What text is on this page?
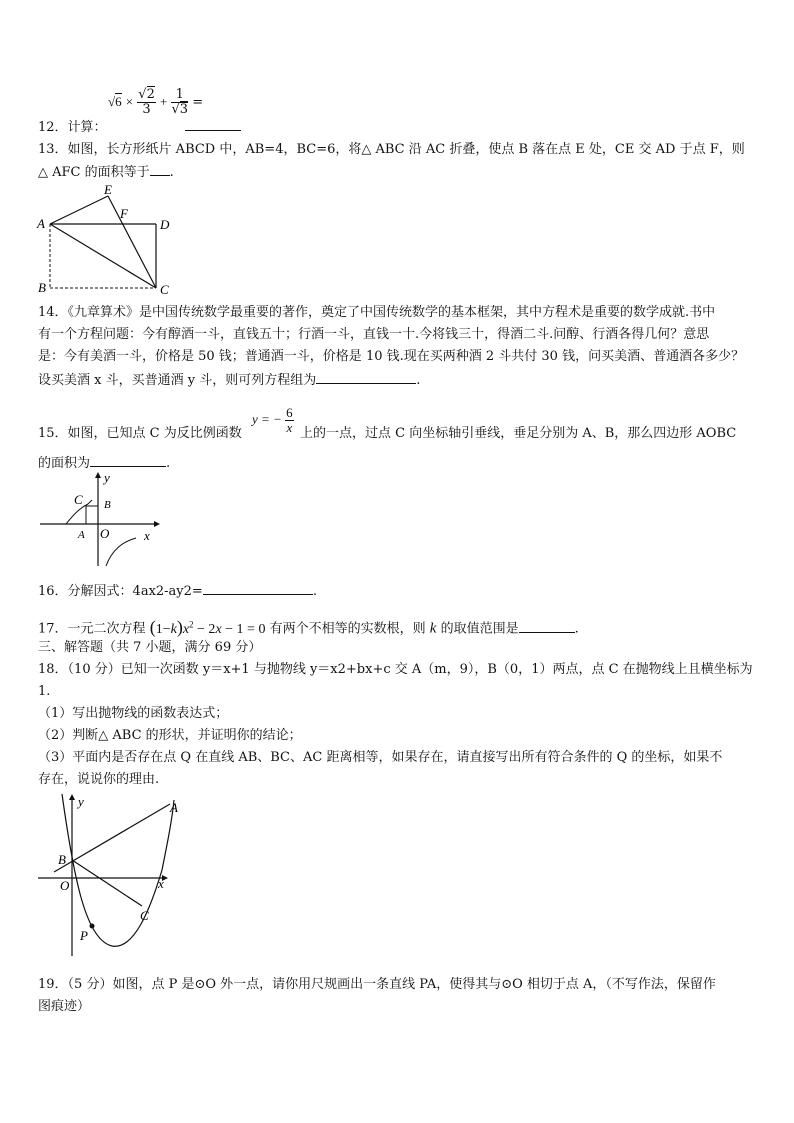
$√6 \times \frac{√2}{3} + \frac{1}{√3}$ =
12．计算：
13．如图，长方形纸片 ABCD 中，AB=4，BC=6，将△ ABC 沿 AC 折叠，使点 B 落在点 E 处，CE 交 AD 于点 F，则
△ AFC 的面积等于 .
A
B	C
D
E
F
14．《九章算术》是中国传统数学最重要的著作，奠定了中国传统数学的基本框架，其中方程术是重要的数学成就.书中
有一个方程问题：今有醇酒一斗，直钱五十；行酒一斗，直钱一十.今将钱三十，得酒二斗.问醇、行酒各得几何？意思
是：今有美酒一斗，价格是 50 钱；普通酒一斗，价格是 10 钱.现在买两种酒 2 斗共付 30 钱，问买美酒、普通酒各多少？
设买美酒 x 斗，买普通酒 y 斗，则可列方程组为	.
y = − $\frac{6}{x}$
15．如图，已知点 C 为反比例函数	上的一点，过点 C 向坐标轴引垂线，垂足分别为 A、B，那么四边形 AOBC
的面积为	.
C B
A O	x
y
16．分解因式：4ax2-ay2=	.
17．一元二次方程 $(1-k)x^2 - 2x - 1 = 0$ 有两个不相等的实数根，则 k 的取值范围是	.
三、解答题（共 7 小题，满分 69 分）
18．（10 分）已知一次函数 y＝x+1 与抛物线 y＝x2+bx+c 交 A（m，9），B（0，1）两点，点 C 在抛物线上且横坐标为
1.
（1）写出抛物线的函数表达式；
（2）判断△ ABC 的形状，并证明你的结论；
（3）平面内是否存在点 Q 在直线 AB、BC、AC 距离相等，如果存在，请直接写出所有符合条件的 Q 的坐标，如果不
存在，说说你的理由.
y	A
B
O	x
C
P
19．（5 分）如图，点 P 是⊙O 外一点，请你用尺规画出一条直线 PA，使得其与⊙O 相切于点 A，（不写作法，保留作
图痕迹）
